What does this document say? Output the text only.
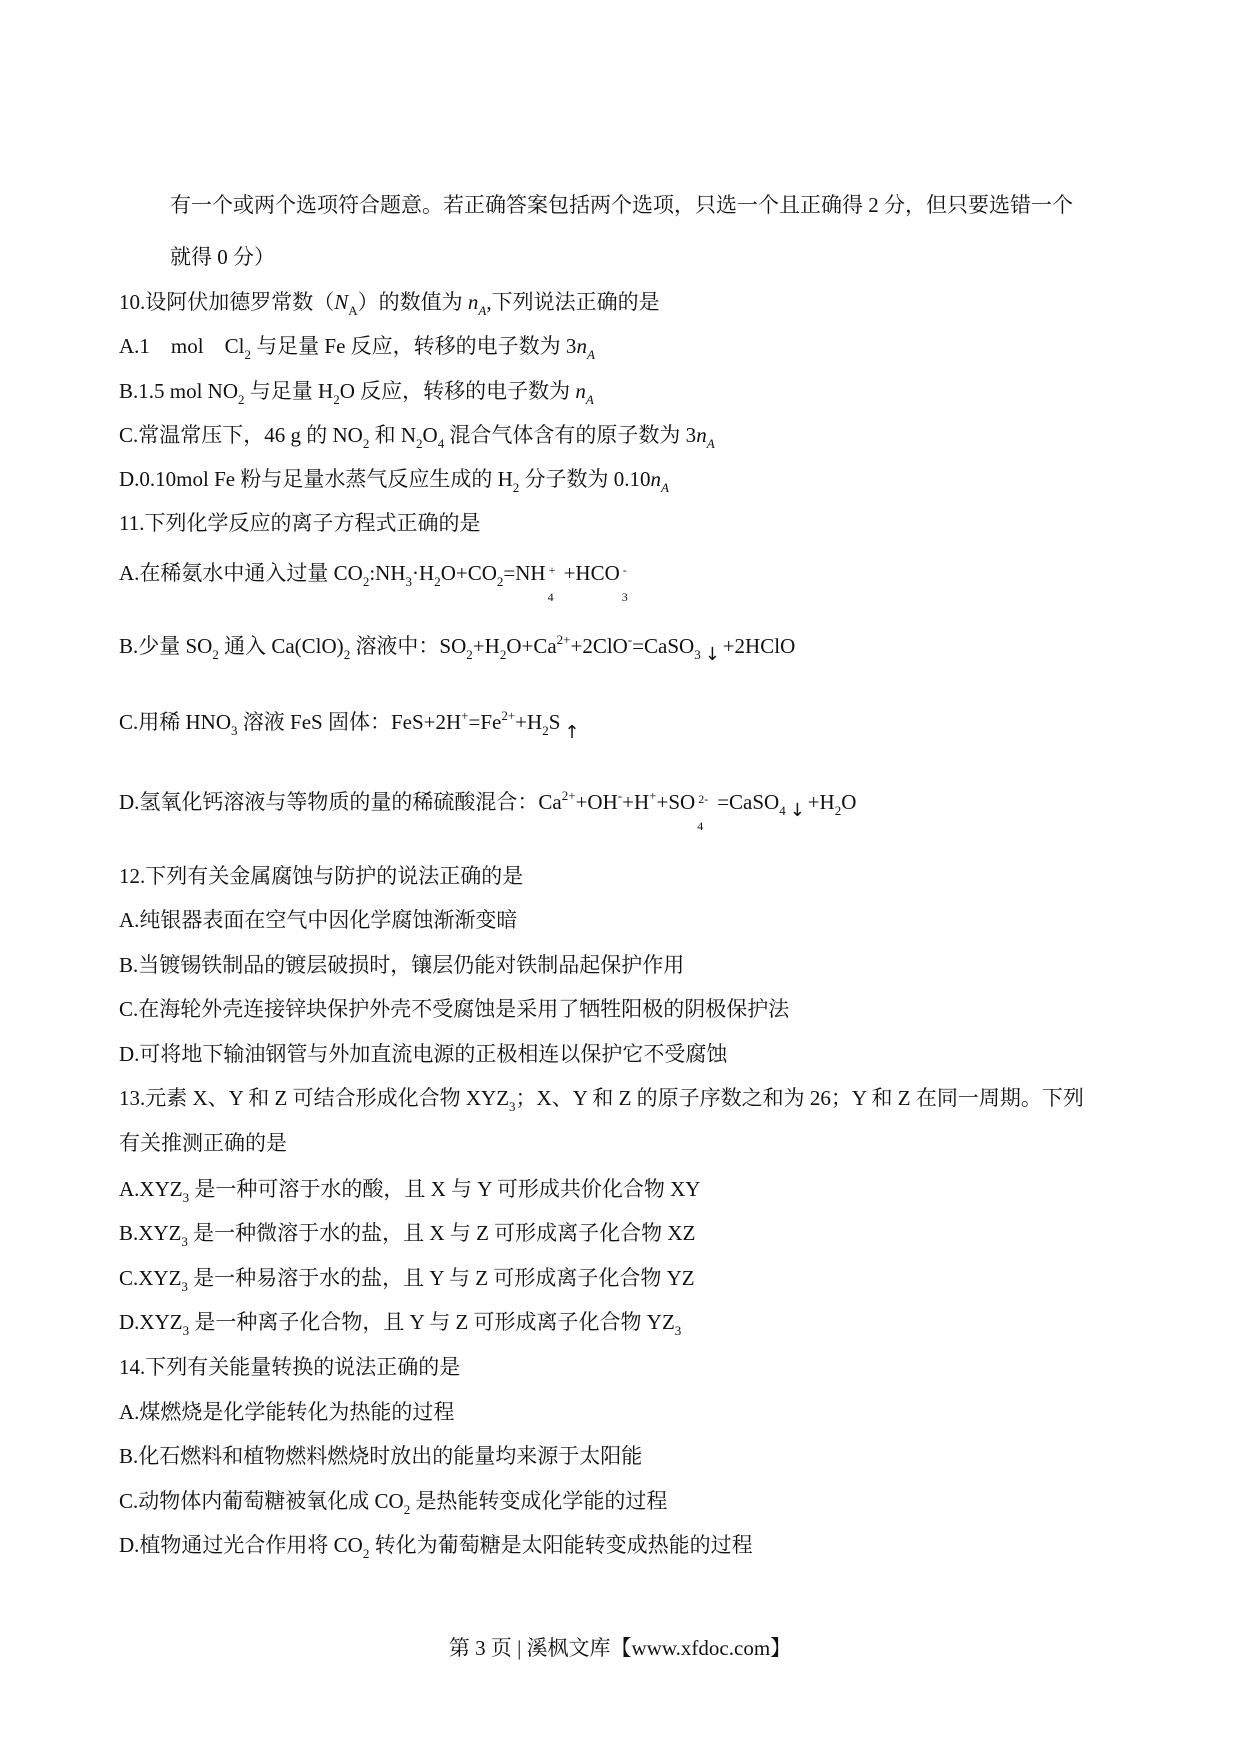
有一个或两个选项符合题意。若正确答案包括两个选项，只选一个且正确得 2 分，但只要选错一个
就得 0 分）
10.设阿伏加德罗常数$(N_A)$的数值为 $n_A$,下列说法正确的是
A.1　mol　$Cl_2$ 与足量 Fe 反应，转移的电子数为 $3n_A$
B.1.5 mol $NO_2$ 与足量 $H_2O$ 反应，转移的电子数为 $n_A$
C.常温常压下，46 g 的 $NO_2$ 和 $N_2O_4$ 混合气体含有的原子数为 $3n_A$
D.0.10mol Fe 粉与足量水蒸气反应生成的 $H_2$ 分子数为 $0.10n_A$
11.下列化学反应的离子方程式正确的是
A.在稀氨水中通入过量 $CO_2:NH_3\cdot H_2O+CO_2=NH$ +
4
+HCO -
3
B.少量 $SO_2$ 通入 $Ca(ClO)_2$ 溶液中：$SO_2+H_2O+Ca^{2+}+2ClO^-=CaSO_3$ ↓ +2HClO
C.用稀 $HNO_3$ 溶液 FeS 固体：$FeS+2H^+=Fe^{2+}+H_2S$ ↑
D.氢氧化钙溶液与等物质的量的稀硫酸混合：$Ca^{2+}+OH^-+H^++SO$ 2-
4
=CaSO$_4$ ↓ $+H_2O$
12.下列有关金属腐蚀与防护的说法正确的是
A.纯银器表面在空气中因化学腐蚀渐渐变暗
B.当镀锡铁制品的镀层破损时，镶层仍能对铁制品起保护作用
C.在海轮外壳连接锌块保护外壳不受腐蚀是采用了牺牲阳极的阴极保护法
D.可将地下输油钢管与外加直流电源的正极相连以保护它不受腐蚀
13.元素 X、Y 和 Z 可结合形成化合物 $XYZ_3$；X、Y 和 Z 的原子序数之和为 26；Y 和 Z 在同一周期。下列
有关推测正确的是
$A.XYZ_3$ 是一种可溶于水的酸，且 X 与 Y 可形成共价化合物 XY
$B.XYZ_3$ 是一种微溶于水的盐，且 X 与 Z 可形成离子化合物 XZ
$C.XYZ_3$ 是一种易溶于水的盐，且 Y 与 Z 可形成离子化合物 YZ
$D.XYZ_3$ 是一种离子化合物，且 Y 与 Z 可形成离子化合物 $YZ_3$
14.下列有关能量转换的说法正确的是
A.煤燃烧是化学能转化为热能的过程
B.化石燃料和植物燃料燃烧时放出的能量均来源于太阳能
C.动物体内葡萄糖被氧化成 $CO_2$ 是热能转变成化学能的过程
D.植物通过光合作用将 $CO_2$ 转化为葡萄糖是太阳能转变成热能的过程
第 3 页 | 溪枫文库【www.xfdoc.com】
